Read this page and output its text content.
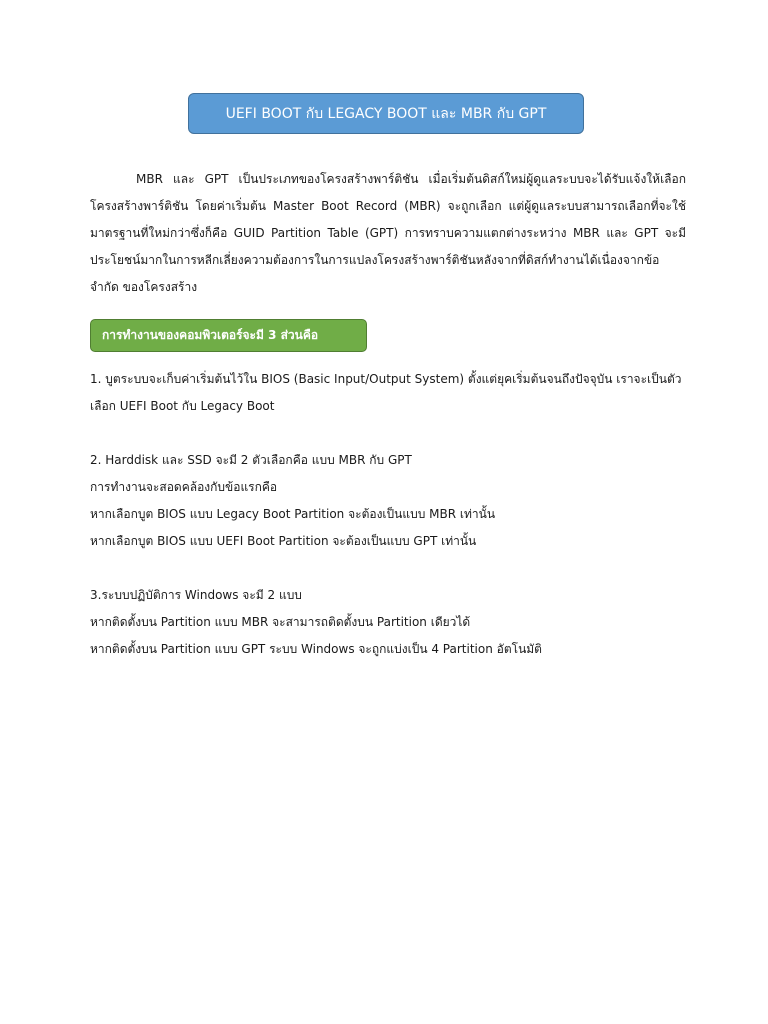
UEFI BOOT กับ LEGACY BOOT และ MBR กับ GPT

MBR และ GPT เป็นประเภทของโครงสร้างพาร์ติชัน เมื่อเริ่มต้นดิสก์ใหม่ผู้ดูแลระบบจะได้รับแจ้งให้เลือกโครงสร้างพาร์ติชัน โดยค่าเริ่มต้น Master Boot Record (MBR) จะถูกเลือก แต่ผู้ดูแลระบบสามารถเลือกที่จะใช้มาตรฐานที่ใหม่กว่าซึ่งก็คือ GUID Partition Table (GPT) การทราบความแตกต่างระหว่าง MBR และ GPT จะมีประโยชน์มากในการหลีกเลี่ยงความต้องการในการแปลงโครงสร้างพาร์ติชันหลังจากที่ดิสก์ทำงานได้เนื่องจากข้อจำกัด ของโครงสร้าง

การทำงานของคอมพิวเตอร์จะมี 3 ส่วนคือ
1. บูตระบบจะเก็บค่าเริ่มต้นไว้ใน BIOS (Basic Input/Output System) ตั้งแต่ยุคเริ่มต้นจนถึงปัจจุบัน เราจะเป็นตัวเลือก UEFI Boot กับ Legacy Boot
2. Harddisk และ SSD จะมี 2 ตัวเลือกคือ แบบ MBR กับ GPT
การทำงานจะสอดคล้องกับข้อแรกคือ
หากเลือกบูต BIOS แบบ Legacy Boot Partition จะต้องเป็นแบบ MBR เท่านั้น
หากเลือกบูต BIOS แบบ UEFI Boot Partition จะต้องเป็นแบบ GPT เท่านั้น
3.ระบบปฏิบัติการ Windows จะมี 2 แบบ
หากติดตั้งบน Partition แบบ MBR จะสามารถติดตั้งบน Partition เดียวได้
หากติดตั้งบน Partition แบบ GPT ระบบ Windows จะถูกแบ่งเป็น 4 Partition อัตโนมัติ
